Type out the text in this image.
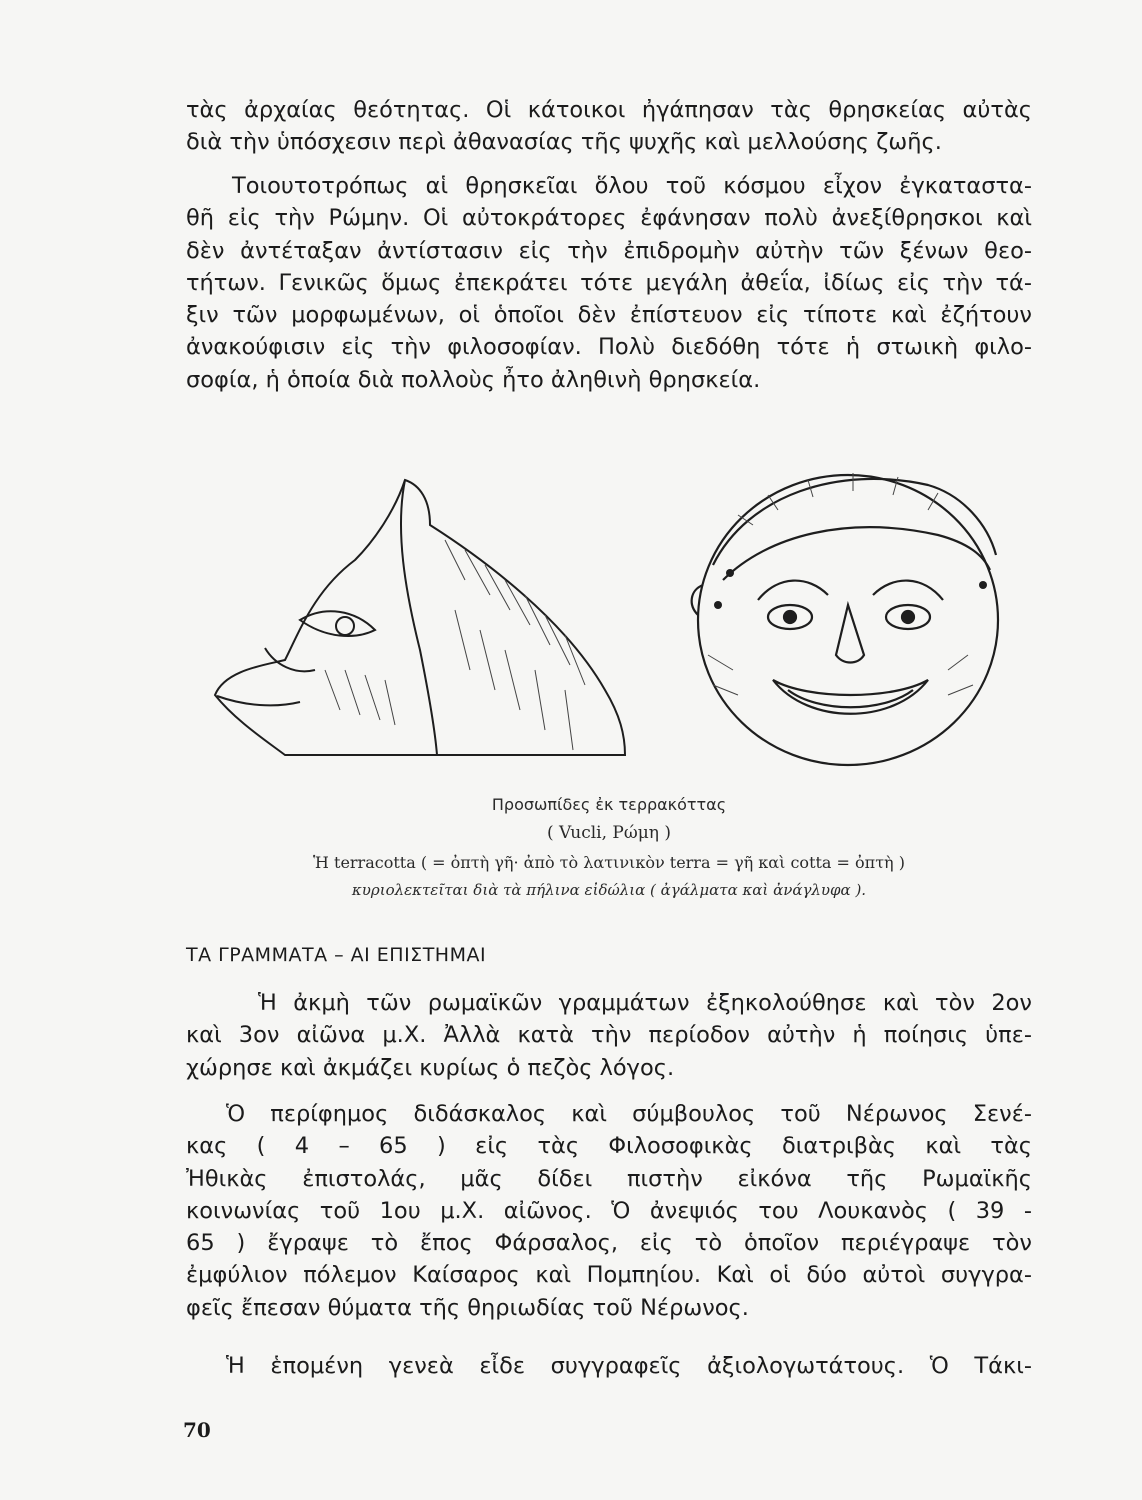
τὰς ἀρχαίας θεότητας. Οἱ κάτοικοι ἠγάπησαν τὰς θρησκείας αὐτὰς
διὰ τὴν ὑπόσχεσιν περὶ ἀθανασίας τῆς ψυχῆς καὶ μελλούσης ζωῆς.

Τοιουτοτρόπως αἱ θρησκεῖαι ὅλου τοῦ κόσμου εἶχον ἐγκαταστα-
θῆ εἰς τὴν Ρώμην. Οἱ αὐτοκράτορες ἐφάνησαν πολὺ ἀνεξίθρησκοι καὶ
δὲν ἀντέταξαν ἀντίστασιν εἰς τὴν ἐπιδρομὴν αὐτὴν τῶν ξένων θεο-
τήτων. Γενικῶς ὅμως ἐπεκράτει τότε μεγάλη ἀθεΐα, ἰδίως εἰς τὴν τά-
ξιν τῶν μορφωμένων, οἱ ὁποῖοι δὲν ἐπίστευον εἰς τίποτε καὶ ἐζήτουν
ἀνακούφισιν εἰς τὴν φιλοσοφίαν. Πολὺ διεδόθη τότε ἡ στωικὴ φιλο-
σοφία, ἡ ὁποία διὰ πολλοὺς ἦτο ἀληθινὴ θρησκεία.

Προσωπίδες ἐκ τερρακόττας
( Vucli, Ρώμη )
Ἡ terracotta ( = ὀπτὴ γῆ· ἀπὸ τὸ λατινικὸν terra = γῆ καὶ cotta = ὀπτὴ )
κυριολεκτεῖται διὰ τὰ πήλινα εἰδώλια ( ἀγάλματα καὶ ἀνάγλυφα ).
ΤΑ ΓΡΑΜΜΑΤΑ – ΑΙ ΕΠΙΣΤΗΜΑΙ

Ἡ ἀκμὴ τῶν ρωμαϊκῶν γραμμάτων ἐξηκολούθησε καὶ τὸν 2ον
καὶ 3ον αἰῶνα μ.Χ. Ἀλλὰ κατὰ τὴν περίοδον αὐτὴν ἡ ποίησις ὑπε-
χώρησε καὶ ἀκμάζει κυρίως ὁ πεζὸς λόγος.

Ὁ περίφημος διδάσκαλος καὶ σύμβουλος τοῦ Νέρωνος Σενέ-
κας ( 4 – 65 ) εἰς τὰς Φιλοσοφικὰς διατριβὰς καὶ τὰς
Ἠθικὰς ἐπιστολάς, μᾶς δίδει πιστὴν εἰκόνα τῆς Ρωμαϊκῆς
κοινωνίας τοῦ 1ου μ.Χ. αἰῶνος. Ὁ ἀνεψιός του Λουκανὸς ( 39 -
65 ) ἔγραψε τὸ ἔπος Φάρσαλος, εἰς τὸ ὁποῖον περιέγραψε τὸν
ἐμφύλιον πόλεμον Καίσαρος καὶ Πομπηίου. Καὶ οἱ δύο αὐτοὶ συγγρα-
φεῖς ἔπεσαν θύματα τῆς θηριωδίας τοῦ Νέρωνος.

Ἡ ἑπομένη γενεὰ εἶδε συγγραφεῖς ἀξιολογωτάτους. Ὁ Τάκι-

70
